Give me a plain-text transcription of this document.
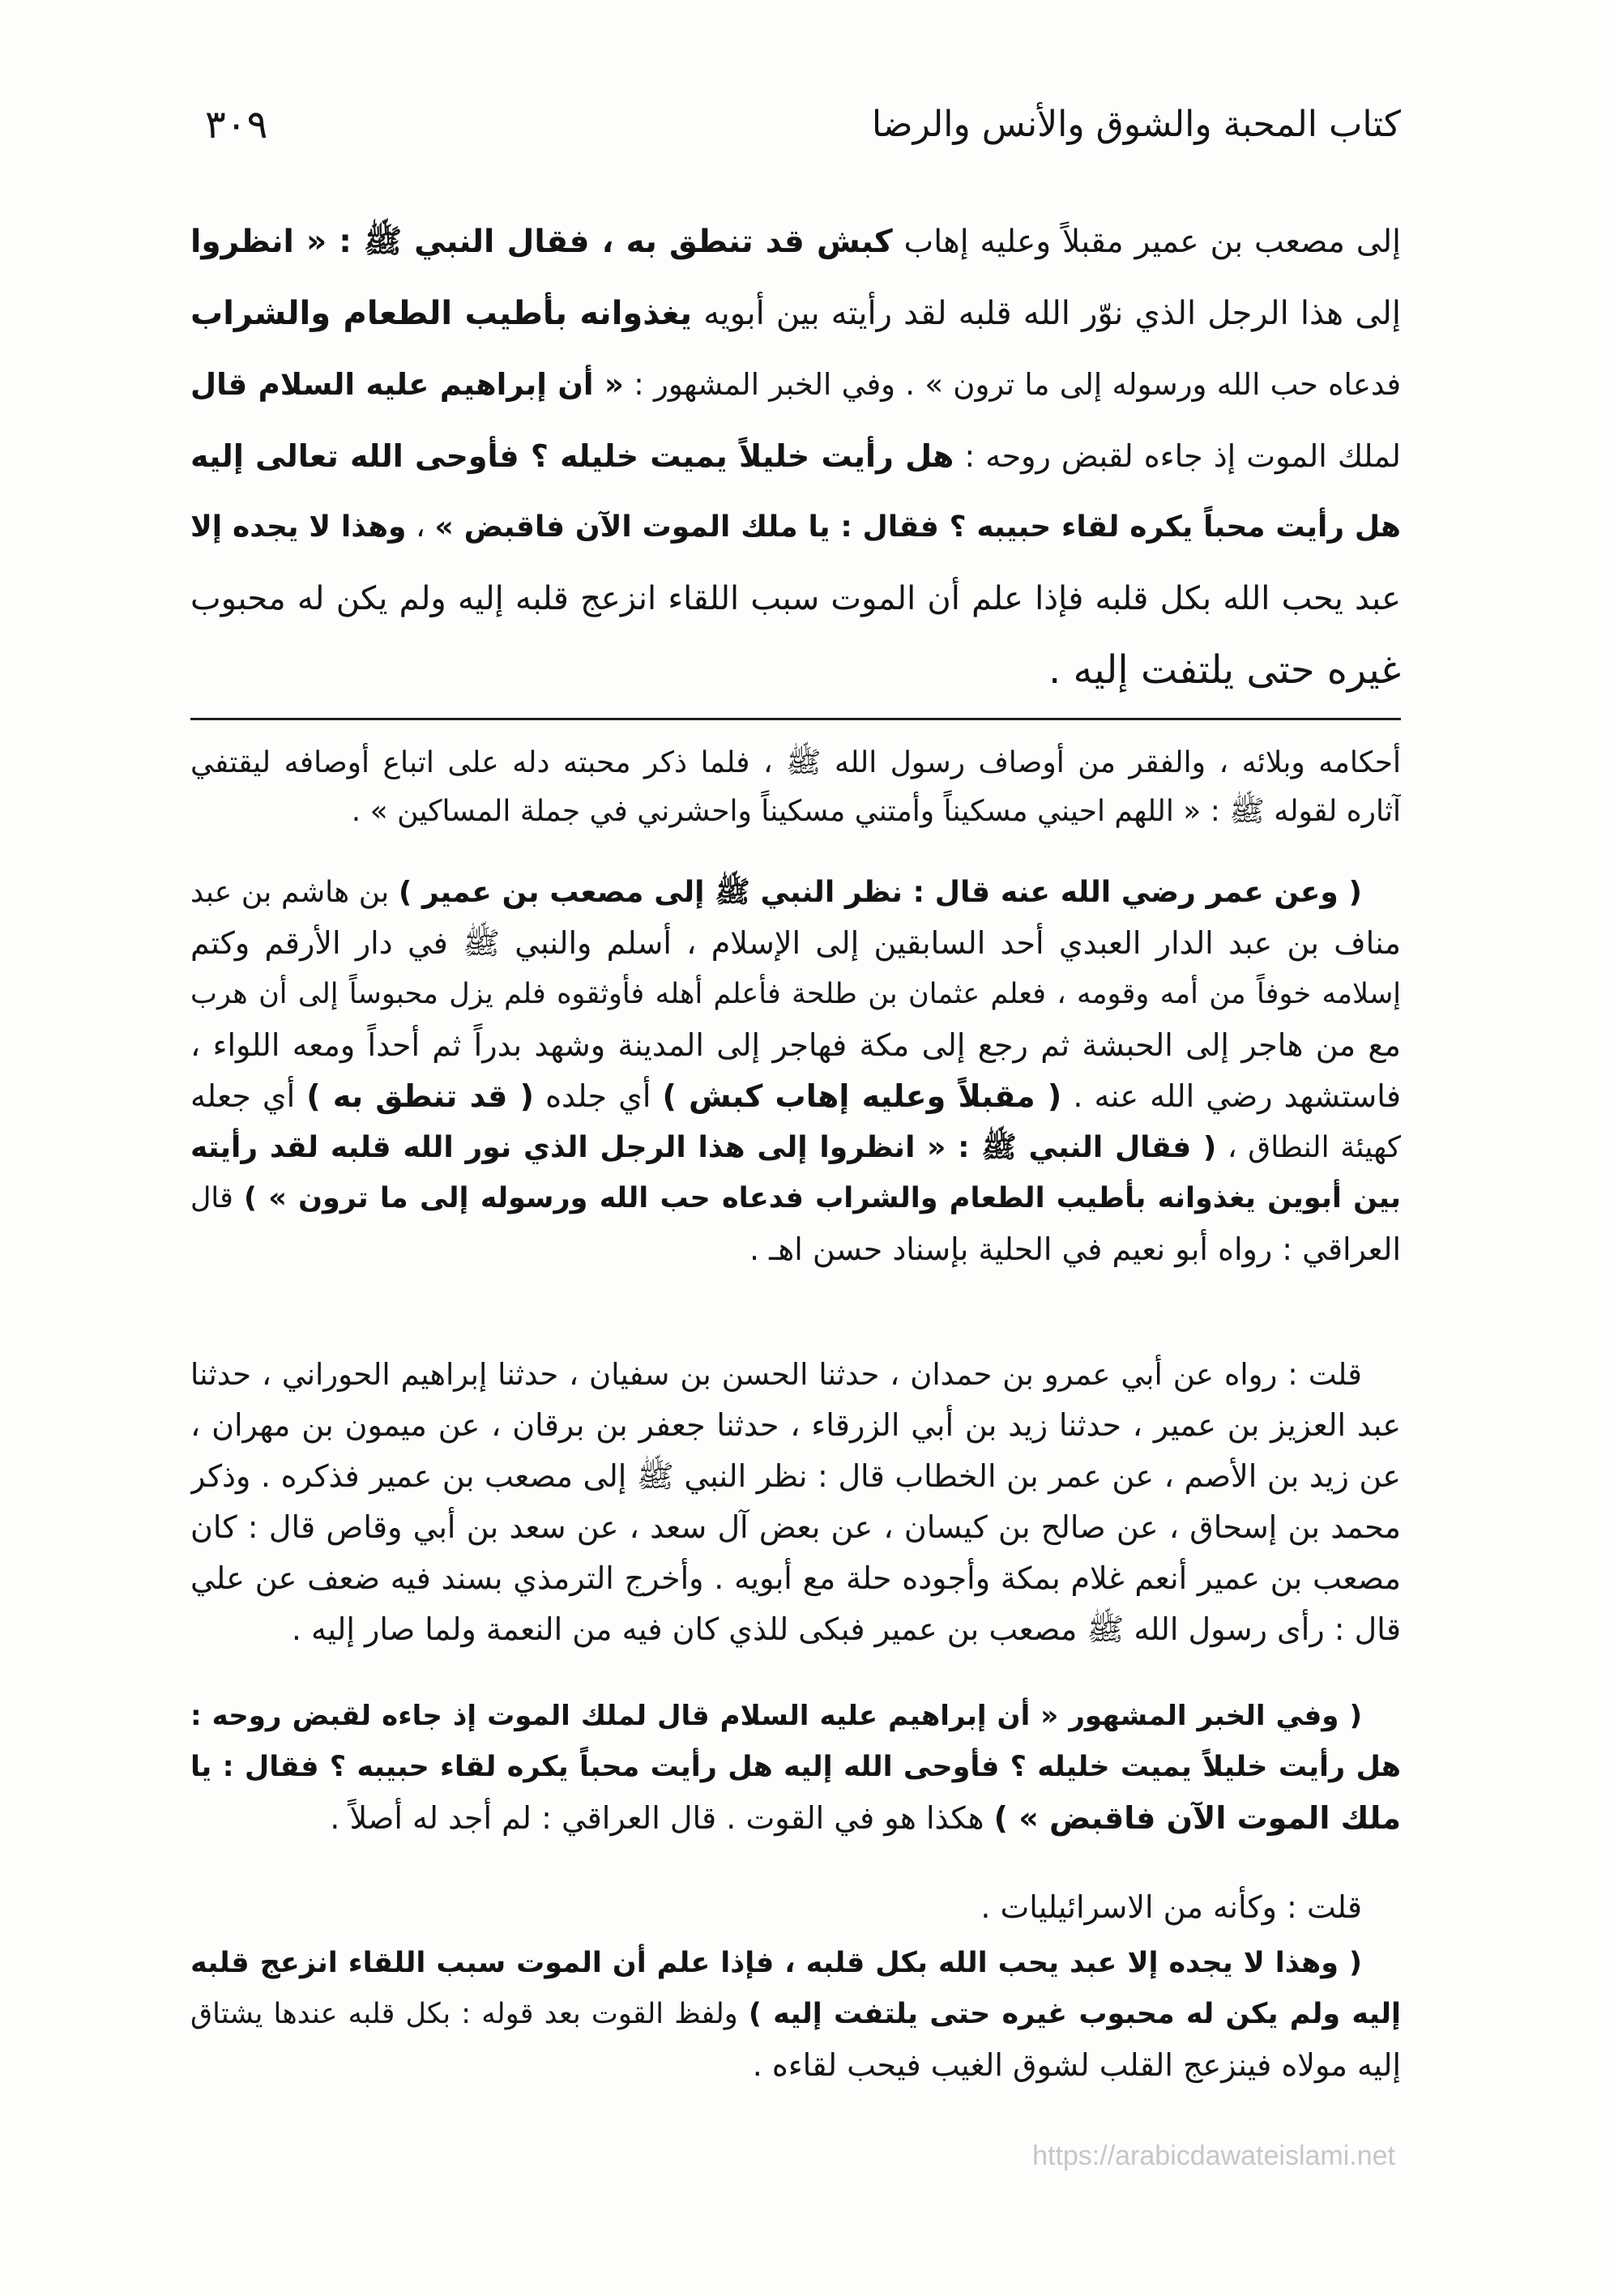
كتاب المحبة والشوق والأنس والرضا
٣٠٩
إلى مصعب بن عمير مقبلاً وعليه إهاب كبش قد تنطق به ، فقال النبي ﷺ : « انظروا
إلى هذا الرجل الذي نوّر الله قلبه لقد رأيته بين أبويه يغذوانه بأطيب الطعام والشراب
فدعاه حب الله ورسوله إلى ما ترون » . وفي الخبر المشهور : « أن إبراهيم عليه السلام قال
لملك الموت إذ جاءه لقبض روحه : هل رأيت خليلاً يميت خليله ؟ فأوحى الله تعالى إليه
هل رأيت محباً يكره لقاء حبيبه ؟ فقال : يا ملك الموت الآن فاقبض » ، وهذا لا يجده إلا
عبد يحب الله بكل قلبه فإذا علم أن الموت سبب اللقاء انزعج قلبه إليه ولم يكن له محبوب
غيره حتى يلتفت إليه .
أحكامه وبلائه ، والفقر من أوصاف رسول الله ﷺ ، فلما ذكر محبته دله على اتباع أوصافه ليقتفي
آثاره لقوله ﷺ : « اللهم احيني مسكيناً وأمتني مسكيناً واحشرني في جملة المساكين » .
( وعن عمر رضي الله عنه قال : نظر النبي ﷺ إلى مصعب بن عمير ) بن هاشم بن عبد
مناف بن عبد الدار العبدي أحد السابقين إلى الإسلام ، أسلم والنبي ﷺ في دار الأرقم وكتم
إسلامه خوفاً من أمه وقومه ، فعلم عثمان بن طلحة فأعلم أهله فأوثقوه فلم يزل محبوساً إلى أن هرب
مع من هاجر إلى الحبشة ثم رجع إلى مكة فهاجر إلى المدينة وشهد بدراً ثم أحداً ومعه اللواء ،
فاستشهد رضي الله عنه . ( مقبلاً وعليه إهاب كبش ) أي جلده ( قد تنطق به ) أي جعله
كهيئة النطاق ، ( فقال النبي ﷺ : « انظروا إلى هذا الرجل الذي نور الله قلبه لقد رأيته
بين أبوين يغذوانه بأطيب الطعام والشراب فدعاه حب الله ورسوله إلى ما ترون » ) قال
العراقي : رواه أبو نعيم في الحلية بإسناد حسن اهـ .
قلت : رواه عن أبي عمرو بن حمدان ، حدثنا الحسن بن سفيان ، حدثنا إبراهيم الحوراني ، حدثنا
عبد العزيز بن عمير ، حدثنا زيد بن أبي الزرقاء ، حدثنا جعفر بن برقان ، عن ميمون بن مهران ،
عن زيد بن الأصم ، عن عمر بن الخطاب قال : نظر النبي ﷺ إلى مصعب بن عمير فذكره . وذكر
محمد بن إسحاق ، عن صالح بن كيسان ، عن بعض آل سعد ، عن سعد بن أبي وقاص قال : كان
مصعب بن عمير أنعم غلام بمكة وأجوده حلة مع أبويه . وأخرج الترمذي بسند فيه ضعف عن علي
قال : رأى رسول الله ﷺ مصعب بن عمير فبكى للذي كان فيه من النعمة ولما صار إليه .
( وفي الخبر المشهور « أن إبراهيم عليه السلام قال لملك الموت إذ جاءه لقبض روحه :
هل رأيت خليلاً يميت خليله ؟ فأوحى الله إليه هل رأيت محباً يكره لقاء حبيبه ؟ فقال : يا
ملك الموت الآن فاقبض » ) هكذا هو في القوت . قال العراقي : لم أجد له أصلاً .
قلت : وكأنه من الاسرائيليات .
( وهذا لا يجده إلا عبد يحب الله بكل قلبه ، فإذا علم أن الموت سبب اللقاء انزعج قلبه
إليه ولم يكن له محبوب غيره حتى يلتفت إليه ) ولفظ القوت بعد قوله : بكل قلبه عندها يشتاق
إليه مولاه فينزعج القلب لشوق الغيب فيحب لقاءه .
https://arabicdawateislami.net
